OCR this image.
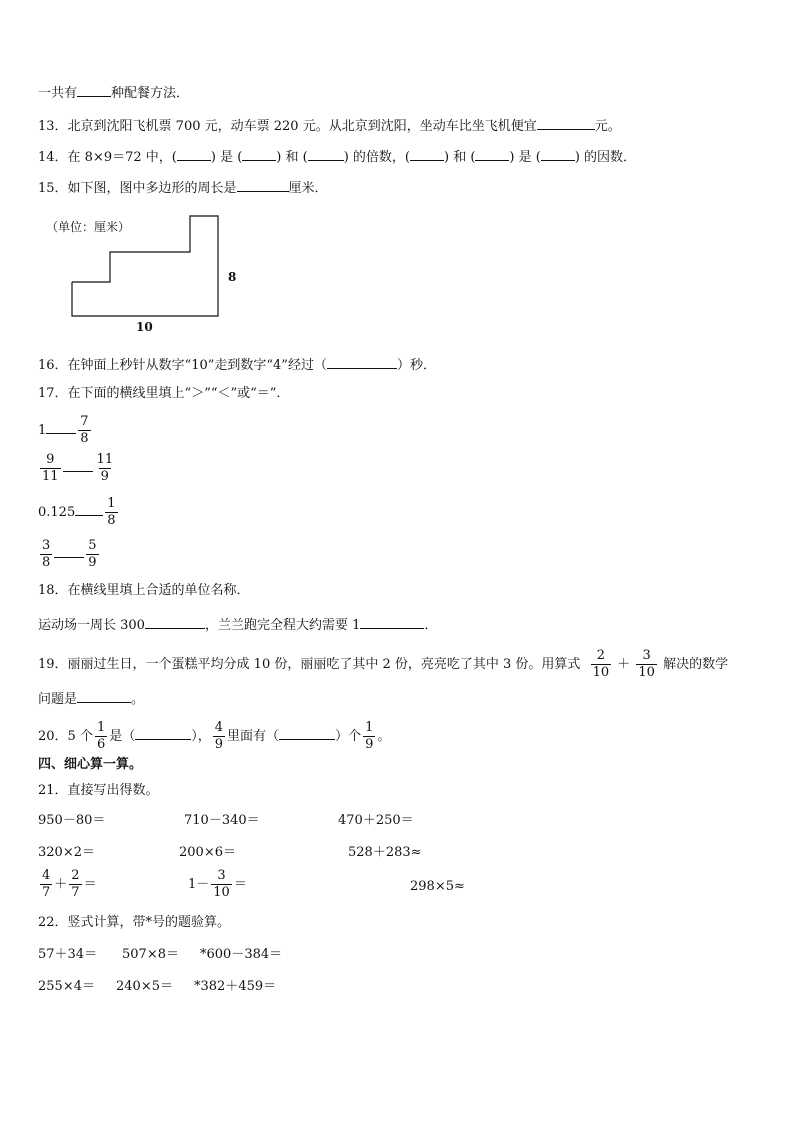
一共有	种配餐方法．
13．北京到沈阳飞机票 700 元，动车票 220 元。从北京到沈阳，坐动车比坐飞机便宜	元。
14．在 8×9＝72 中，(	) 是 (	) 和 (	) 的倍数，(	) 和 (	) 是 (	) 的因数．
15．如下图，图中多边形的周长是	厘米．
（单位：厘米）
8
10
16．在钟面上秒针从数字“10”走到数字“4”经过（	）秒．
17．在下面的横线里填上“＞”“＜”或“＝”．
$1 \frac{7}{8}$
$\frac{9}{11}$	$\frac{11}{9}$
$0.125 \frac{1}{8}$
$\frac{3}{8}$	$\frac{5}{9}$
18．在横线里填上合适的单位名称．
运动场一周长 300	，兰兰跑完全程大约需要 1	．
19．丽丽过生日，一个蛋糕平均分成 10 份，丽丽吃了其中 2 份，亮亮吃了其中 3 份。用算式 $\frac{2}{10} + \frac{3}{10}$ 解决的数学
问题是	。
20．5 个 $\frac{1}{6}$ 是（	）， $\frac{4}{9}$ 里面有（	）个 $\frac{1}{9}$ 。
四、细心算一算。
21．直接写出得数。
950－80＝	710－340＝	470＋250＝
320×2＝	200×6＝	528＋283≈
$\frac{4}{7} + \frac{2}{7}$ ＝	$1- \frac{3}{10}$ ＝	298×5≈
22．竖式计算，带*号的题验算。
57＋34＝ 507×8＝ *600－384＝
255×4＝ 240×5＝ *382＋459＝
